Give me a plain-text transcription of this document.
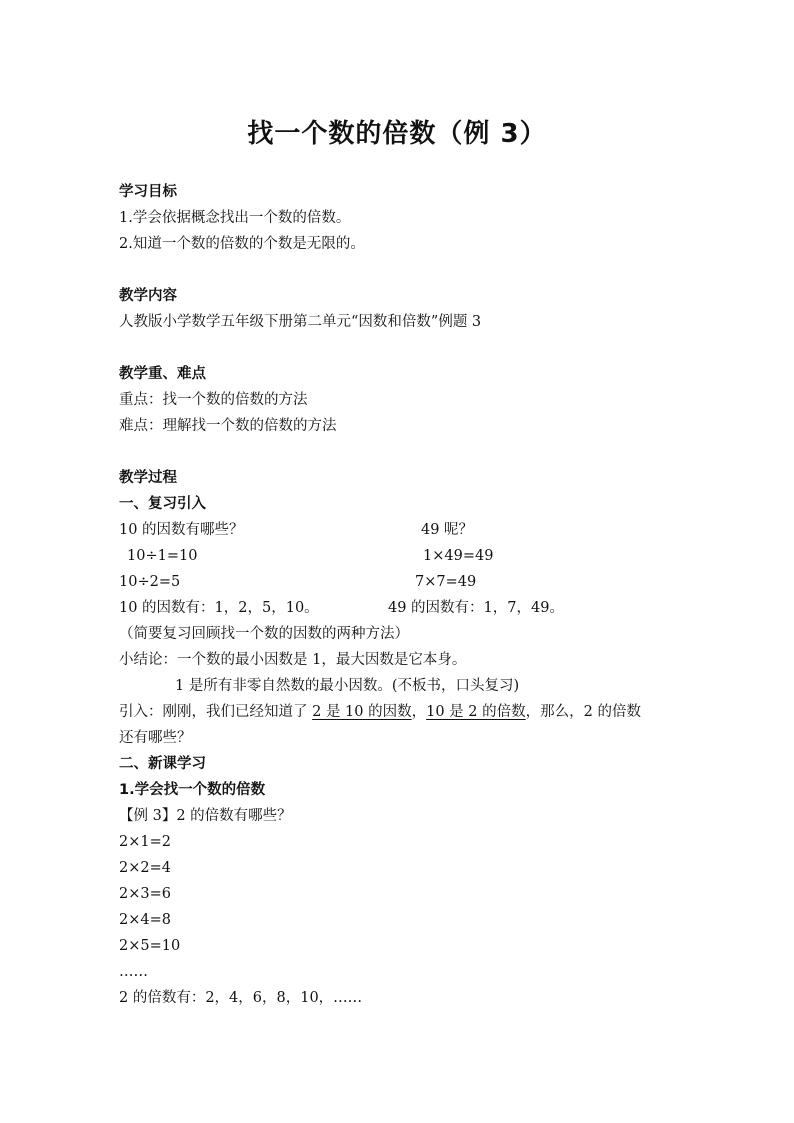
找一个数的倍数（例 3）
学习目标
1.学会依据概念找出一个数的倍数。
2.知道一个数的倍数的个数是无限的。
教学内容
人教版小学数学五年级下册第二单元“因数和倍数”例题 3
教学重、难点
重点：找一个数的倍数的方法
难点：理解找一个数的倍数的方法
教学过程
一、复习引入
10 的因数有哪些？	49 呢？
10÷1=10	1×49=49
10÷2=5	7×7=49
10 的因数有：1，2，5，10。	49 的因数有：1，7，49。
（简要复习回顾找一个数的因数的两种方法）
小结论：一个数的最小因数是 1，最大因数是它本身。
1 是所有非零自然数的最小因数。(不板书，口头复习)
引入：刚刚，我们已经知道了 2 是 10 的因数，10 是 2 的倍数，那么，2 的倍数
还有哪些？
二、新课学习
1.学会找一个数的倍数
【例 3】2 的倍数有哪些？
2×1=2
2×2=4
2×3=6
2×4=8
2×5=10
……
2 的倍数有：2，4，6，8，10，……
